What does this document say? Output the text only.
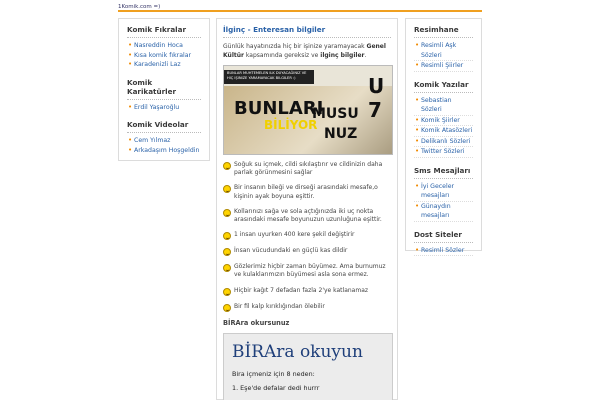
1Komik.com =)
Komik Fıkralar
• Nasreddin Hoca
• Kısa komik fıkralar
• Karadenizli Laz
Komik Karikatürler
• Erdil Yaşaroğlu
Komik Videolar
• Cem Yılmaz
• Arkadaşım Hoşgeldin
İlginç - Enteresan bilgiler
Günlük hayatınızda hiç bir işinize yaramayacak Genel Kültür kapsamında gereksiz ve ilginç bilgiler.
BUNLAR MUHTEMELEN ILK DUYACAĞINIZ VE HIÇ IŞINIZE YARAMAYACAK BILGILER :)
BUNLARI
BİLİYOR
MUSU
NUZ
U 7
Soğuk su içmek, cildi sıkılaştırır ve cildinizin daha parlak görünmesini sağlar
Bir insanın bileği ve dirseği arasındaki mesafe,o kişinin ayak boyuna eşittir.
Kollarınızı sağa ve sola açtığınızda iki uç nokta arasındaki mesafe boyunuzun uzunluğuna eşittir.
1 insan uyurken 400 kere şekil değiştirir
İnsan vücudundaki en güçlü kas dildir
Gözlerimiz hiçbir zaman büyümez. Ama burnumuz ve kulaklarımızın büyümesi asla sona ermez.
Hiçbir kağıt 7 defadan fazla 2'ye katlanamaz
Bir fil kalp kırıklığından ölebilir
BİRAra okursunuz
BİRAra okuyun
Bira içmeniz için 8 neden:
1. Eşe'de defalar dedi hurrr
Resimhane
• Resimli Aşk Sözleri
• Resimli Şiirler
Komik Yazılar
• Sebastian Sözleri
• Komik Şiirler
• Komik Atasözleri
• Delikanlı Sözleri
• Twitter Sözleri
Sms Mesajları
• İyi Geceler mesajları
• Günaydın mesajları
Dost Siteler
• Resimli Sözler
